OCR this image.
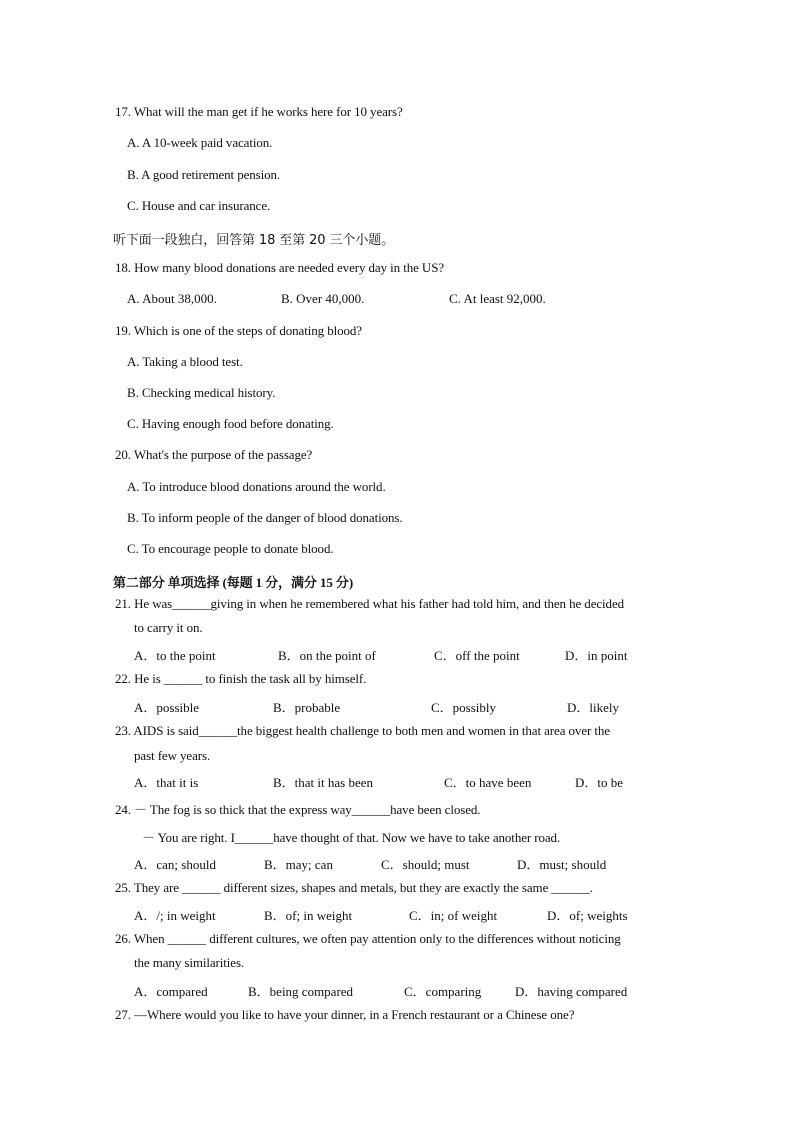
17. What will the man get if he works here for 10 years?
A. A 10-week paid vacation.
B. A good retirement pension.
C. House and car insurance.
听下面一段独白，回答第 18 至第 20 三个小题。
18. How many blood donations are needed every day in the US?
A. About 38,000.	B. Over 40,000.	C. At least 92,000.
19. Which is one of the steps of donating blood?
A. Taking a blood test.
B. Checking medical history.
C. Having enough food before donating.
20. What's the purpose of the passage?
A. To introduce blood donations around the world.
B. To inform people of the danger of blood donations.
C. To encourage people to donate blood.
第二部分 单项选择 (每题 1 分，满分 15 分)
21. He was______giving in when he remembered what his father had told him, and then he decided
to carry it on.
A．to the point	B．on the point of	C．off the point	D．in point
22. He is ______ to finish the task all by himself.
A．possible	B．probable	C．possibly	D．likely
23. AIDS is said______the biggest health challenge to both men and women in that area over the
past few years.
A．that it is	B．that it has been	C．to have been	D．to be
24. － The fog is so thick that the express way______have been closed.
－ You are right. I______have thought of that. Now we have to take another road.
A．can; should	B．may; can	C．should; must	D．must; should
25. They are ______ different sizes, shapes and metals, but they are exactly the same ______.
A．/; in weight	B．of; in weight	C．in; of weight	D．of; weights
26. When ______ different cultures, we often pay attention only to the differences without noticing
the many similarities.
A．compared	B．being compared	C．comparing	D．having compared
27. —Where would you like to have your dinner, in a French restaurant or a Chinese one?
